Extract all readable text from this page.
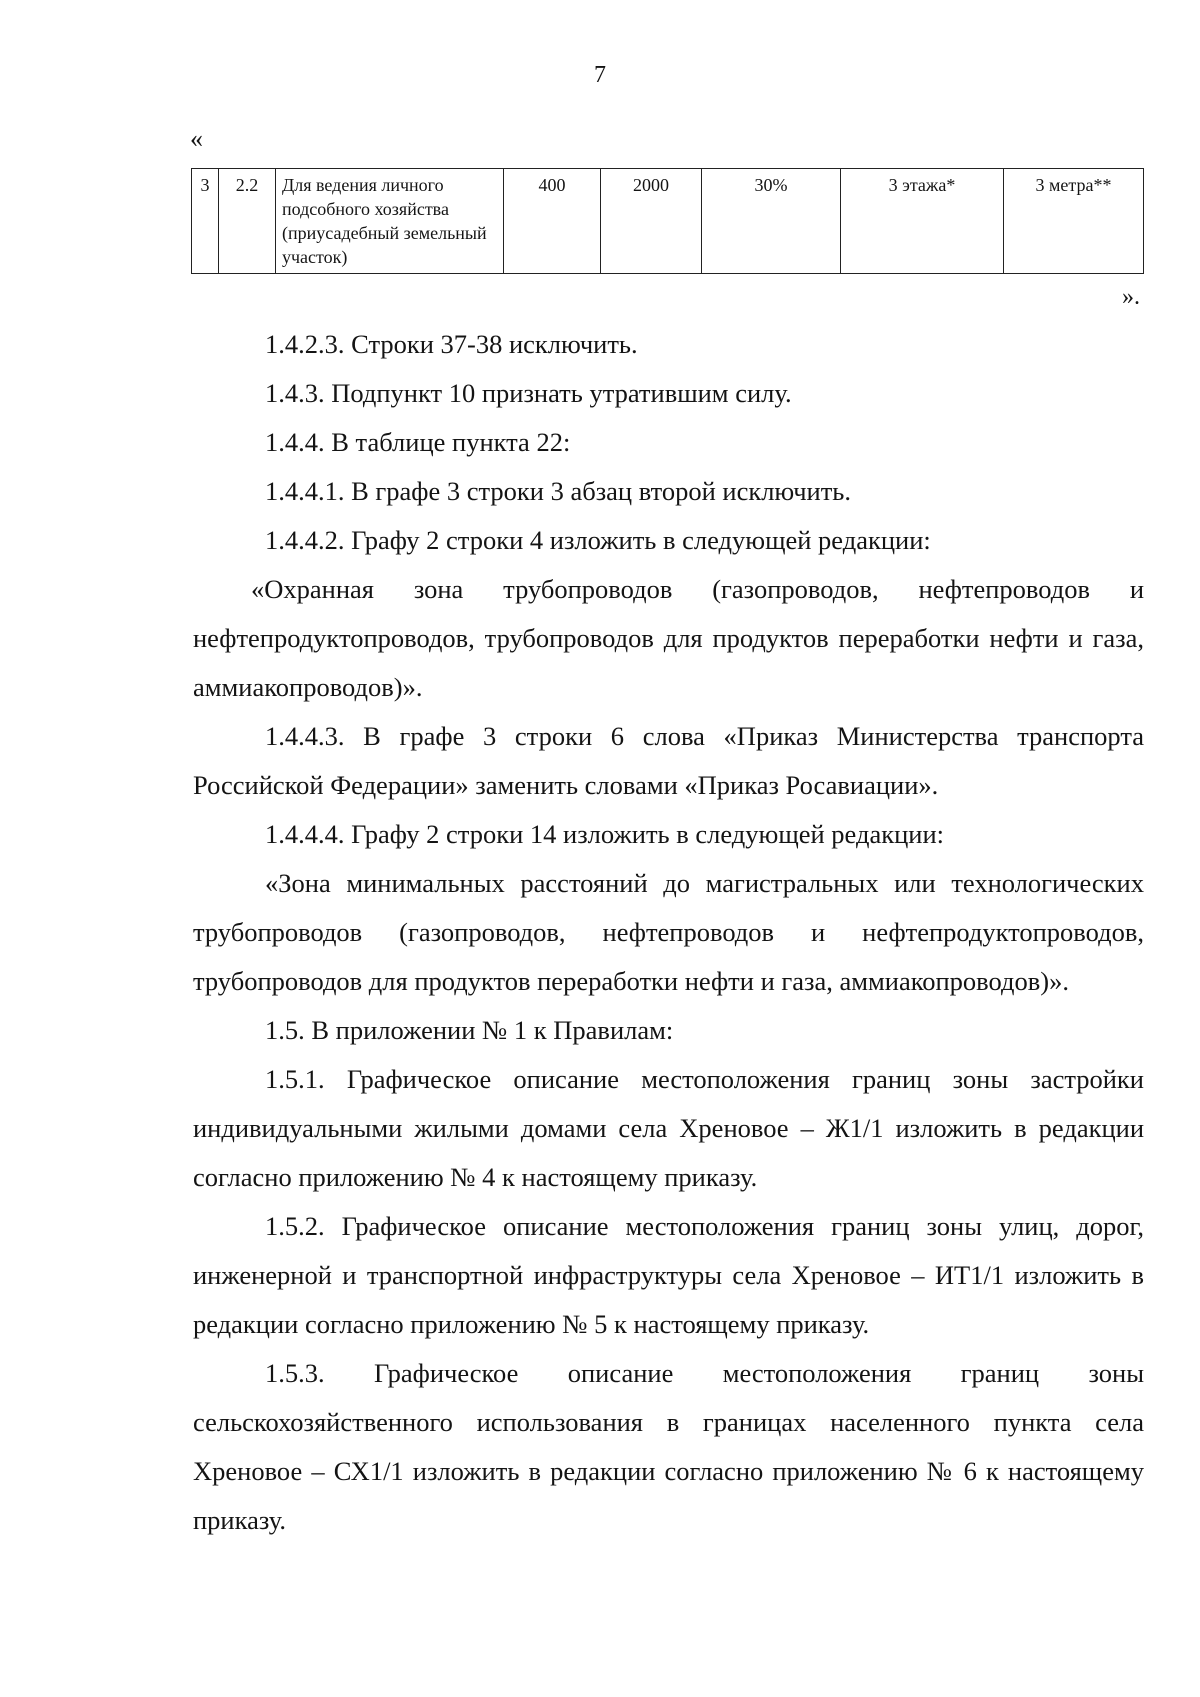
7
«
3	2.2	Для ведения личного подсобного хозяйства (приусадебный земельный участок)	400	2000	30%	3 этажа*	3 метра**
».

1.4.2.3. Строки 37-38 исключить.

1.4.3. Подпункт 10 признать утратившим силу.

1.4.4. В таблице пункта 22:

1.4.4.1. В графе 3 строки 3 абзац второй исключить.

1.4.4.2. Графу 2 строки 4 изложить в следующей редакции:

«Охранная зона трубопроводов (газопроводов, нефтепроводов и нефтепродуктопроводов, трубопроводов для продуктов переработки нефти и газа, аммиакопроводов)».

1.4.4.3. В графе 3 строки 6 слова «Приказ Министерства транспорта Российской Федерации» заменить словами «Приказ Росавиации».

1.4.4.4. Графу 2 строки 14 изложить в следующей редакции:

«Зона минимальных расстояний до магистральных или технологических трубопроводов (газопроводов, нефтепроводов и нефтепродуктопроводов, трубопроводов для продуктов переработки нефти и газа, аммиакопроводов)».

1.5. В приложении № 1 к Правилам:

1.5.1. Графическое описание местоположения границ зоны застройки индивидуальными жилыми домами села Хреновое – Ж1/1 изложить в редакции согласно приложению № 4 к настоящему приказу.

1.5.2. Графическое описание местоположения границ зоны улиц, дорог, инженерной и транспортной инфраструктуры села Хреновое – ИТ1/1 изложить в редакции согласно приложению № 5 к настоящему приказу.

1.5.3. Графическое описание местоположения границ зоны сельскохозяйственного использования в границах населенного пункта села Хреновое – СХ1/1 изложить в редакции согласно приложению № 6 к настоящему приказу.
